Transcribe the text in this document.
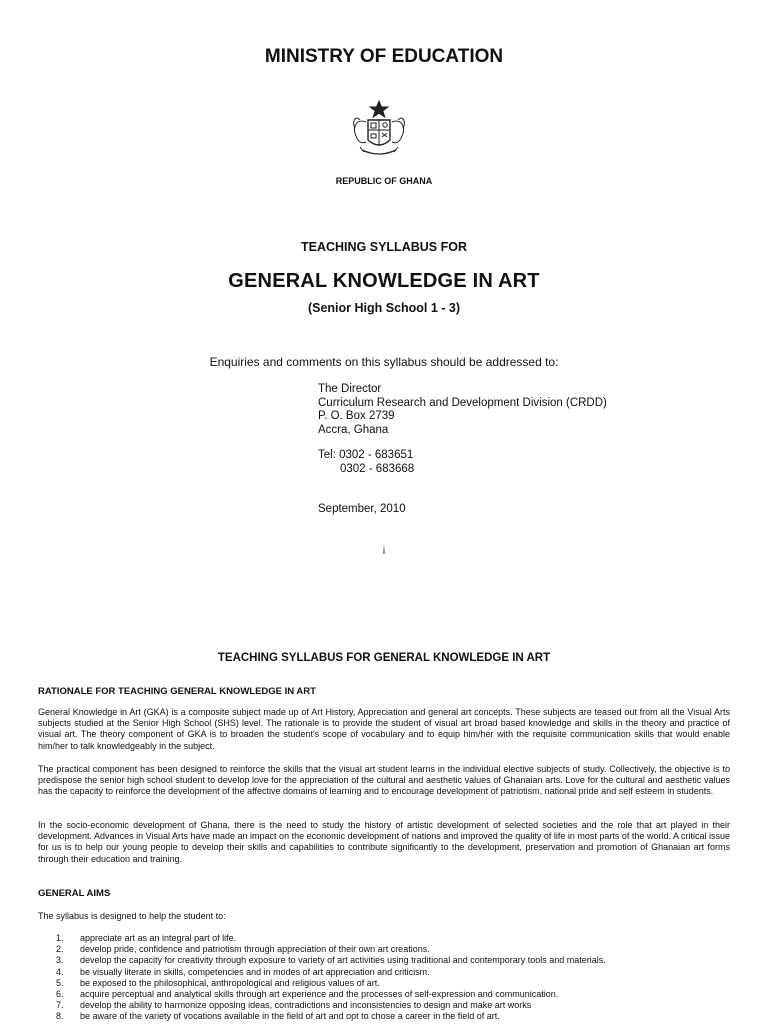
MINISTRY OF EDUCATION
REPUBLIC OF GHANA
TEACHING SYLLABUS FOR
GENERAL KNOWLEDGE IN ART
(Senior High School 1 - 3)
Enquiries and comments on this syllabus should be addressed to:
The Director
Curriculum Research and Development Division (CRDD)
P. O. Box 2739
Accra, Ghana
Tel: 0302 - 683651
0302 - 683668
September, 2010
i
TEACHING SYLLABUS FOR GENERAL KNOWLEDGE IN ART
RATIONALE FOR TEACHING GENERAL KNOWLEDGE IN ART
General Knowledge in Art (GKA) is a composite subject made up of Art History, Appreciation and general art concepts. These subjects are teased out from all the Visual Arts subjects studied at the Senior High School (SHS) level. The rationale is to provide the student of visual art broad based knowledge and skills in the theory and practice of visual art. The theory component of GKA is to broaden the student's scope of vocabulary and to equip him/her with the requisite communication skills that would enable him/her to talk knowledgeably in the subject.
The practical component has been designed to reinforce the skills that the visual art student learns in the individual elective subjects of study. Collectively, the objective is to predispose the senior high school student to develop love for the appreciation of the cultural and aesthetic values of Ghanaian arts. Love for the cultural and aesthetic values has the capacity to reinforce the development of the affective domains of learning and to encourage development of patriotism, national pride and self esteem in students.
In the socio-economic development of Ghana, there is the need to study the history of artistic development of selected societies and the role that art played in their development. Advances in Visual Arts have made an impact on the economic development of nations and improved the quality of life in most parts of the world. A critical issue for us is to help our young people to develop their skills and capabilities to contribute significantly to the development, preservation and promotion of Ghanaian art forms through their education and training.
GENERAL AIMS
The syllabus is designed to help the student to:
1.	appreciate art as an integral part of life.
2.	develop pride, confidence and patriotism through appreciation of their own art creations.
3.	develop the capacity for creativity through exposure to variety of art activities using traditional and contemporary tools and materials.
4.	be visually literate in skills, competencies and in modes of art appreciation and criticism.
5.	be exposed to the philosophical, anthropological and religious values of art.
6.	acquire perceptual and analytical skills through art experience and the processes of self-expression and communication.
7.	develop the ability to harmonize opposing ideas, contradictions and inconsistencies to design and make art works
8.	be aware of the variety of vocations available in the field of art and opt to chose a career in the field of art.
